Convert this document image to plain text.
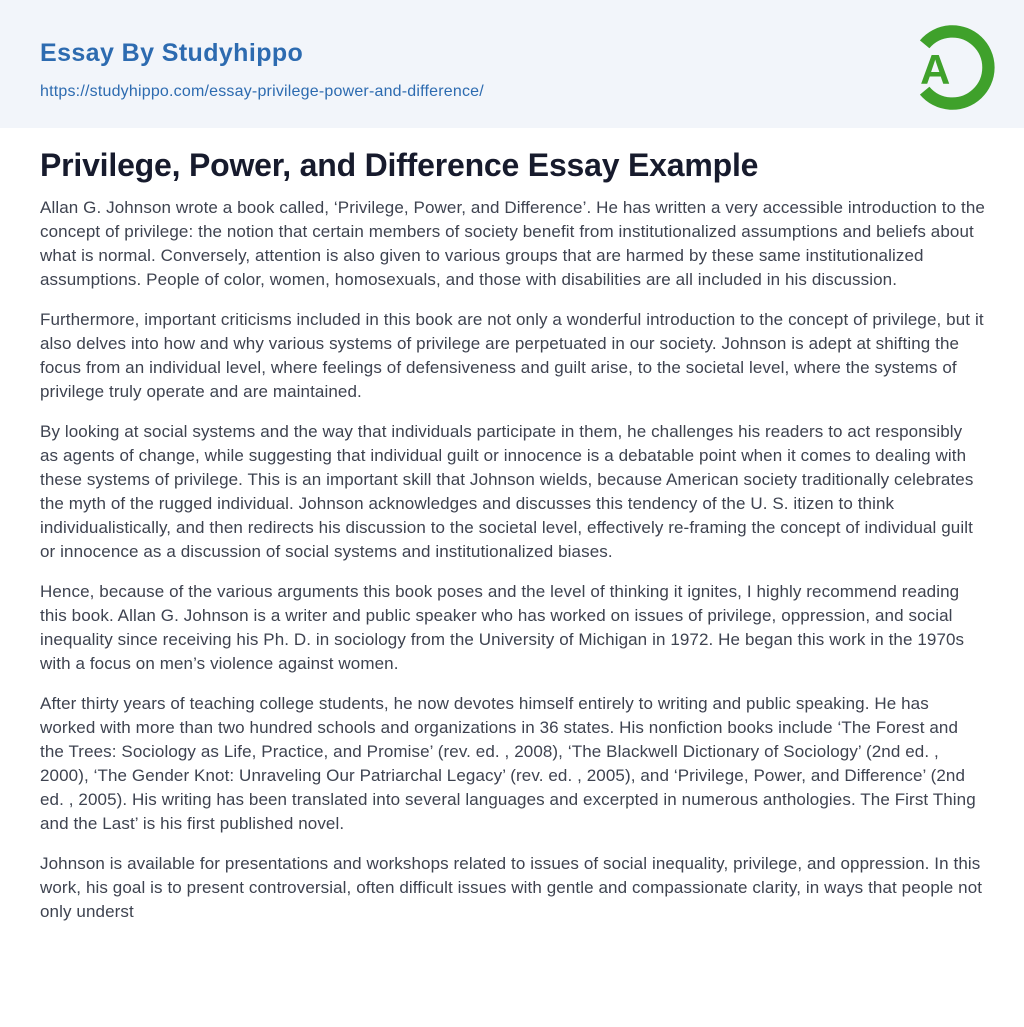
Essay By Studyhippo
https://studyhippo.com/essay-privilege-power-and-difference/	A
Privilege, Power, and Difference Essay Example

Allan G. Johnson wrote a book called, ‘Privilege, Power, and Difference’. He has written a very accessible introduction to the concept of privilege: the notion that certain members of society benefit from institutionalized assumptions and beliefs about what is normal. Conversely, attention is also given to various groups that are harmed by these same institutionalized assumptions. People of color, women, homosexuals, and those with disabilities are all included in his discussion.

Furthermore, important criticisms included in this book are not only a wonderful introduction to the concept of privilege, but it also delves into how and why various systems of privilege are perpetuated in our society. Johnson is adept at shifting the focus from an individual level, where feelings of defensiveness and guilt arise, to the societal level, where the systems of privilege truly operate and are maintained.

By looking at social systems and the way that individuals participate in them, he challenges his readers to act responsibly as agents of change, while suggesting that individual guilt or innocence is a debatable point when it comes to dealing with these systems of privilege. This is an important skill that Johnson wields, because American society traditionally celebrates the myth of the rugged individual. Johnson acknowledges and discusses this tendency of the U. S. itizen to think individualistically, and then redirects his discussion to the societal level, effectively re-framing the concept of individual guilt or innocence as a discussion of social systems and institutionalized biases.

Hence, because of the various arguments this book poses and the level of thinking it ignites, I highly recommend reading this book. Allan G. Johnson is a writer and public speaker who has worked on issues of privilege, oppression, and social inequality since receiving his Ph. D. in sociology from the University of Michigan in 1972. He began this work in the 1970s with a focus on men’s violence against women.

After thirty years of teaching college students, he now devotes himself entirely to writing and public speaking. He has worked with more than two hundred schools and organizations in 36 states. His nonfiction books include ‘The Forest and the Trees: Sociology as Life, Practice, and Promise’ (rev. ed. , 2008), ‘The Blackwell Dictionary of Sociology’ (2nd ed. , 2000), ‘The Gender Knot: Unraveling Our Patriarchal Legacy’ (rev. ed. , 2005), and ‘Privilege, Power, and Difference’ (2nd ed. , 2005). His writing has been translated into several languages and excerpted in numerous anthologies. The First Thing and the Last’ is his first published novel.

Johnson is available for presentations and workshops related to issues of social inequality, privilege, and oppression. In this work, his goal is to present controversial, often difficult issues with gentle and compassionate clarity, in ways that people not only underst
